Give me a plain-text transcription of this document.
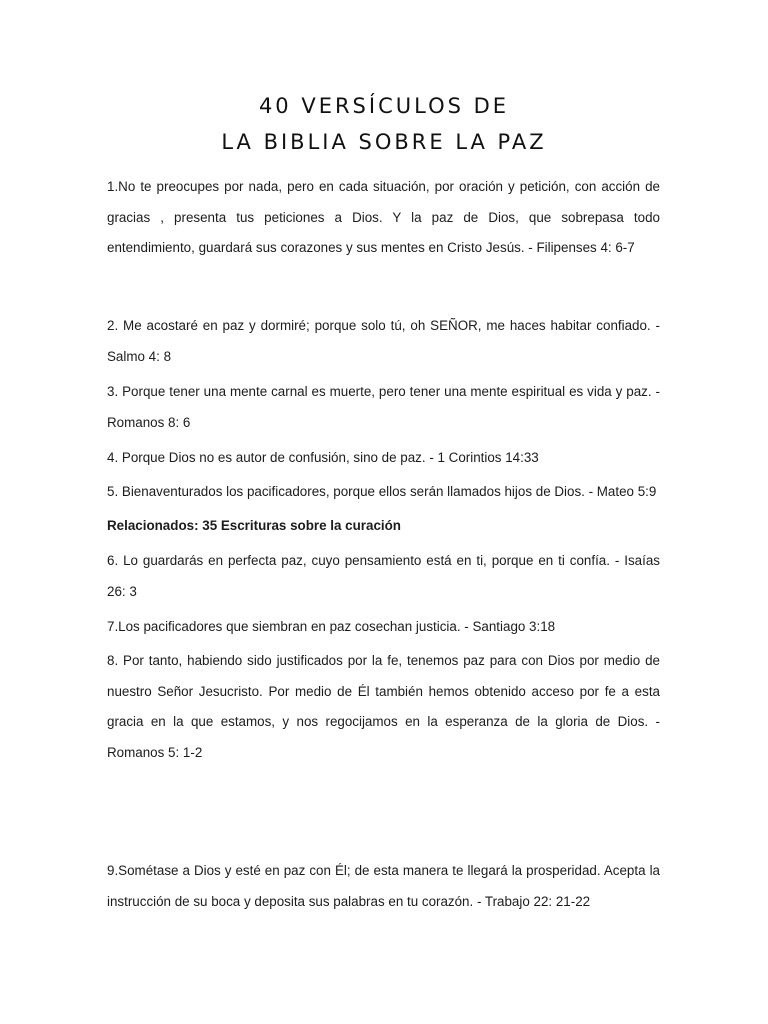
40 VERSÍCULOS DE
LA BIBLIA SOBRE LA PAZ

1.No te preocupes por nada, pero en cada situación, por oración y petición, con acción de gracias , presenta tus peticiones a Dios. Y la paz de Dios, que sobrepasa todo entendimiento, guardará sus corazones y sus mentes en Cristo Jesús. - Filipenses 4: 6-7

2. Me acostaré en paz y dormiré; porque solo tú, oh SEÑOR, me haces habitar confiado. - Salmo 4: 8

3. Porque tener una mente carnal es muerte, pero tener una mente espiritual es vida y paz. - Romanos 8: 6

4. Porque Dios no es autor de confusión, sino de paz. - 1 Corintios 14:33

5. Bienaventurados los pacificadores, porque ellos serán llamados hijos de Dios. - Mateo 5:9

Relacionados: 35 Escrituras sobre la curación

6. Lo guardarás en perfecta paz, cuyo pensamiento está en ti, porque en ti confía. - Isaías 26: 3

7.Los pacificadores que siembran en paz cosechan justicia. - Santiago 3:18

8. Por tanto, habiendo sido justificados por la fe, tenemos paz para con Dios por medio de nuestro Señor Jesucristo. Por medio de Él también hemos obtenido acceso por fe a esta gracia en la que estamos, y nos regocijamos en la esperanza de la gloria de Dios. - Romanos 5: 1-2

9.Sométase a Dios y esté en paz con Él; de esta manera te llegará la prosperidad. Acepta la instrucción de su boca y deposita sus palabras en tu corazón. - Trabajo 22: 21-22
